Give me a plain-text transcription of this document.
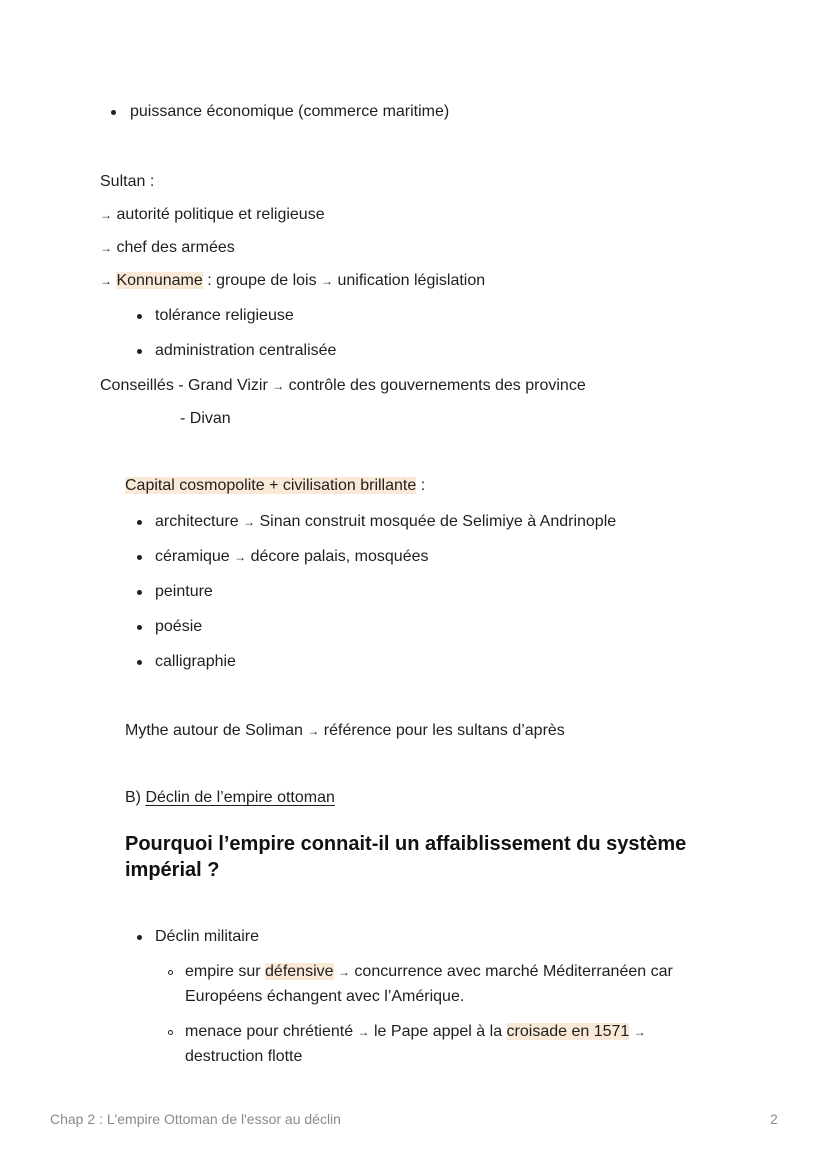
puissance économique (commerce maritime)
Sultan :
→ autorité politique et religieuse
→ chef des armées
→ Konnuname : groupe de lois → unification législation
tolérance religieuse
administration centralisée
Conseillés - Grand Vizir → contrôle des gouvernements des province
- Divan
Capital cosmopolite + civilisation brillante :
architecture → Sinan construit mosquée de Selimiye à Andrinople
céramique → décore palais, mosquées
peinture
poésie
calligraphie
Mythe autour de Soliman → référence pour les sultans d’après
B) Déclin de l’empire ottoman
Pourquoi l’empire connait-il un affaiblissement du système
impérial ?
Déclin militaire
empire sur défensive → concurrence avec marché Méditerranéen car
Européens échangent avec l’Amérique.
menace pour chrétienté → le Pape appel à la croisade en 1571 →
destruction flotte
Chap 2 : L'empire Ottoman de l'essor au déclin	2
